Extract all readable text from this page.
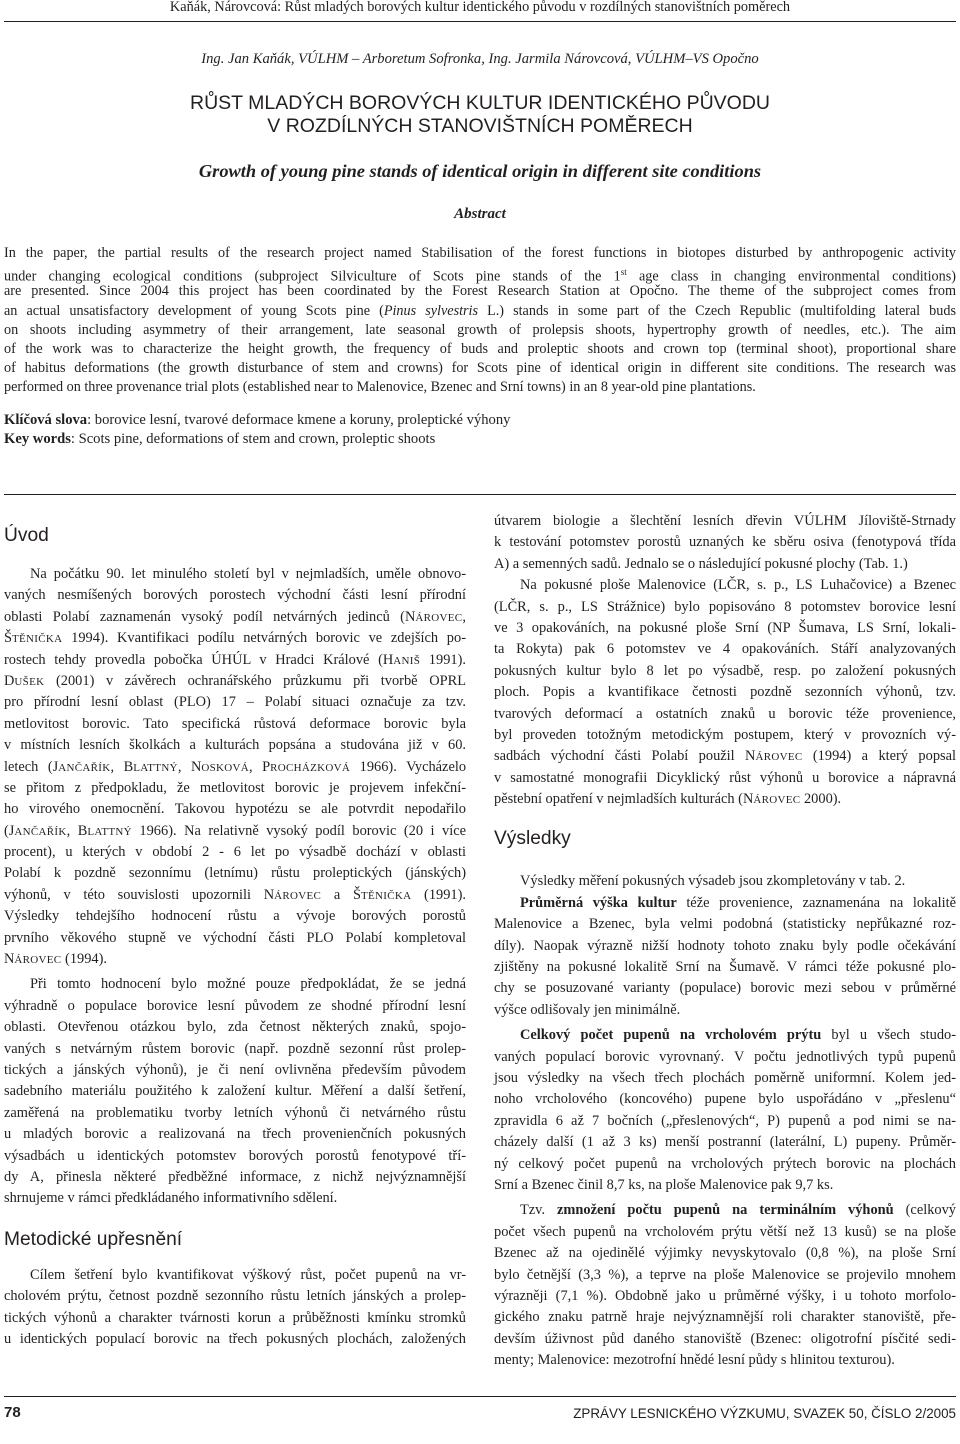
Kaňák, Nárovcová: Růst mladých borových kultur identického původu v rozdílných stanovištních poměrech
Ing. Jan Kaňák, VÚLHM – Arboretum Sofronka, Ing. Jarmila Nárovcová, VÚLHM–VS Opočno
RŮST MLADÝCH BOROVÝCH KULTUR IDENTICKÉHO PŮVODU
V ROZDÍLNÝCH STANOVIŠTNÍCH POMĚRECH
Growth of young pine stands of identical origin in different site conditions
Abstract
In the paper, the partial results of the research project named Stabilisation of the forest functions in biotopes disturbed by anthropogenic activity
under changing ecological conditions (subproject Silviculture of Scots pine stands of the 1st age class in changing environmental conditions)
are presented. Since 2004 this project has been coordinated by the Forest Research Station at Opočno. The theme of the subproject comes from
an actual unsatisfactory development of young Scots pine (Pinus sylvestris L.) stands in some part of the Czech Republic (multifolding lateral buds
on shoots including asymmetry of their arrangement, late seasonal growth of prolepsis shoots, hypertrophy growth of needles, etc.). The aim
of the work was to characterize the height growth, the frequency of buds and proleptic shoots and crown top (terminal shoot), proportional share
of habitus deformations (the growth disturbance of stem and crowns) for Scots pine of identical origin in different site conditions. The research was
performed on three provenance trial plots (established near to Malenovice, Bzenec and Srní towns) in an 8 year-old pine plantations.
Klíčová slova: borovice lesní, tvarové deformace kmene a koruny, proleptické výhony
Key words: Scots pine, deformations of stem and crown, proleptic shoots
Úvod
Na počátku 90. let minulého století byl v nejmladších, uměle obnovo-
vaných nesmíšených borových porostech východní části lesní přírodní
oblasti Polabí zaznamenán vysoký podíl netvárných jedinců (NÁROVEC,
ŠTĚNIČKA 1994). Kvantifikaci podílu netvárných borovic ve zdejších po-
rostech tehdy provedla pobočka ÚHÚL v Hradci Králové (HANIŠ 1991).
DUŠEK (2001) v závěrech ochranářského průzkumu při tvorbě OPRL
pro přírodní lesní oblast (PLO) 17 – Polabí situaci označuje za tzv.
metlovitost borovic. Tato specifická růstová deformace borovic byla
v místních lesních školkách a kulturách popsána a studována již v 60.
letech (JANČAŘÍK, BLATTNÝ, NOSKOVÁ, PROCHÁZKOVÁ 1966). Vycházelo
se přitom z předpokladu, že metlovitost borovic je projevem infekční-
ho virového onemocnění. Takovou hypotézu se ale potvrdit nepodařilo
(JANČAŘÍK, BLATTNÝ 1966). Na relativně vysoký podíl borovic (20 i více
procent), u kterých v období 2 - 6 let po výsadbě dochází v oblasti
Polabí k pozdně sezonnímu (letnímu) růstu proleptických (jánských)
výhonů, v této souvislosti upozornili NÁROVEC a ŠTĚNIČKA (1991).
Výsledky tehdejšího hodnocení růstu a vývoje borových porostů
prvního věkového stupně ve východní části PLO Polabí kompletoval
NÁROVEC (1994).
Při tomto hodnocení bylo možné pouze předpokládat, že se jedná
výhradně o populace borovice lesní původem ze shodné přírodní lesní
oblasti. Otevřenou otázkou bylo, zda četnost některých znaků, spojo-
vaných s netvárným růstem borovic (např. pozdně sezonní růst prolep-
tických a jánských výhonů), je či není ovlivněna především původem
sadebního materiálu použitého k založení kultur. Měření a další šetření,
zaměřená na problematiku tvorby letních výhonů či netvárného růstu
u mladých borovic a realizovaná na třech provenienčních pokusných
výsadbách u identických potomstev borových porostů fenotypové tří-
dy A, přinesla některé předběžné informace, z nichž nejvýznamnější
shrnujeme v rámci předkládaného informativního sdělení.
Metodické upřesnění
Cílem šetření bylo kvantifikovat výškový růst, počet pupenů na vr-
cholovém prýtu, četnost pozdně sezonního růstu letních jánských a prolep-
tických výhonů a charakter tvárnosti korun a průběžnosti kmínku stromků
u identických populací borovic na třech pokusných plochách, založených
útvarem biologie a šlechtění lesních dřevin VÚLHM Jíloviště-Strnady
k testování potomstev porostů uznaných ke sběru osiva (fenotypová třída
A) a semenných sadů. Jednalo se o následující pokusné plochy (Tab. 1.)
Na pokusné ploše Malenovice (LČR, s. p., LS Luhačovice) a Bzenec
(LČR, s. p., LS Strážnice) bylo popisováno 8 potomstev borovice lesní
ve 3 opakováních, na pokusné ploše Srní (NP Šumava, LS Srní, lokali-
ta Rokyta) pak 6 potomstev ve 4 opakováních. Stáří analyzovaných
pokusných kultur bylo 8 let po výsadbě, resp. po založení pokusných
ploch. Popis a kvantifikace četnosti pozdně sezonních výhonů, tzv.
tvarových deformací a ostatních znaků u borovic téže provenience,
byl proveden totožným metodickým postupem, který v provozních vý-
sadbách východní části Polabí použil NÁROVEC (1994) a který popsal
v samostatné monografii Dicyklický růst výhonů u borovice a nápravná
pěstební opatření v nejmladších kulturách (NÁROVEC 2000).
Výsledky
Výsledky měření pokusných výsadeb jsou zkompletovány v tab. 2.
Průměrná výška kultur téže provenience, zaznamenána na lokalitě
Malenovice a Bzenec, byla velmi podobná (statisticky nepřůkazné roz-
díly). Naopak výrazně nižší hodnoty tohoto znaku byly podle očekávání
zjištěny na pokusné lokalitě Srní na Šumavě. V rámci téže pokusné plo-
chy se posuzované varianty (populace) borovic mezi sebou v průměrné
výšce odlišovaly jen minimálně.
Celkový počet pupenů na vrcholovém prýtu byl u všech studo-
vaných populací borovic vyrovnaný. V počtu jednotlivých typů pupenů
jsou výsledky na všech třech plochách poměrně uniformní. Kolem jed-
noho vrcholového (koncového) pupene bylo uspořádáno v „přeslenu“
zpravidla 6 až 7 bočních („přeslenových“, P) pupenů a pod nimi se na-
cházely další (1 až 3 ks) menší postranní (laterální, L) pupeny. Průměr-
ný celkový počet pupenů na vrcholových prýtech borovic na plochách
Srní a Bzenec činil 8,7 ks, na ploše Malenovice pak 9,7 ks.
Tzv. zmnožení počtu pupenů na terminálním výhonů (celkový
počet všech pupenů na vrcholovém prýtu větší než 13 kusů) se na ploše
Bzenec až na ojedinělé výjimky nevyskytovalo (0,8 %), na ploše Srní
bylo četnější (3,3 %), a teprve na ploše Malenovice se projevilo mnohem
výrazněji (7,1 %). Obdobně jako u průměrné výšky, i u tohoto morfolo-
gického znaku patrně hraje nejvýznamnější roli charakter stanoviště, pře-
devším úživnost půd daného stanoviště (Bzenec: oligotrofní písčité sedi-
menty; Malenovice: mezotrofní hnědé lesní půdy s hlinitou texturou).
78	ZPRÁVY LESNICKÉHO VÝZKUMU, SVAZEK 50, ČÍSLO 2/2005
